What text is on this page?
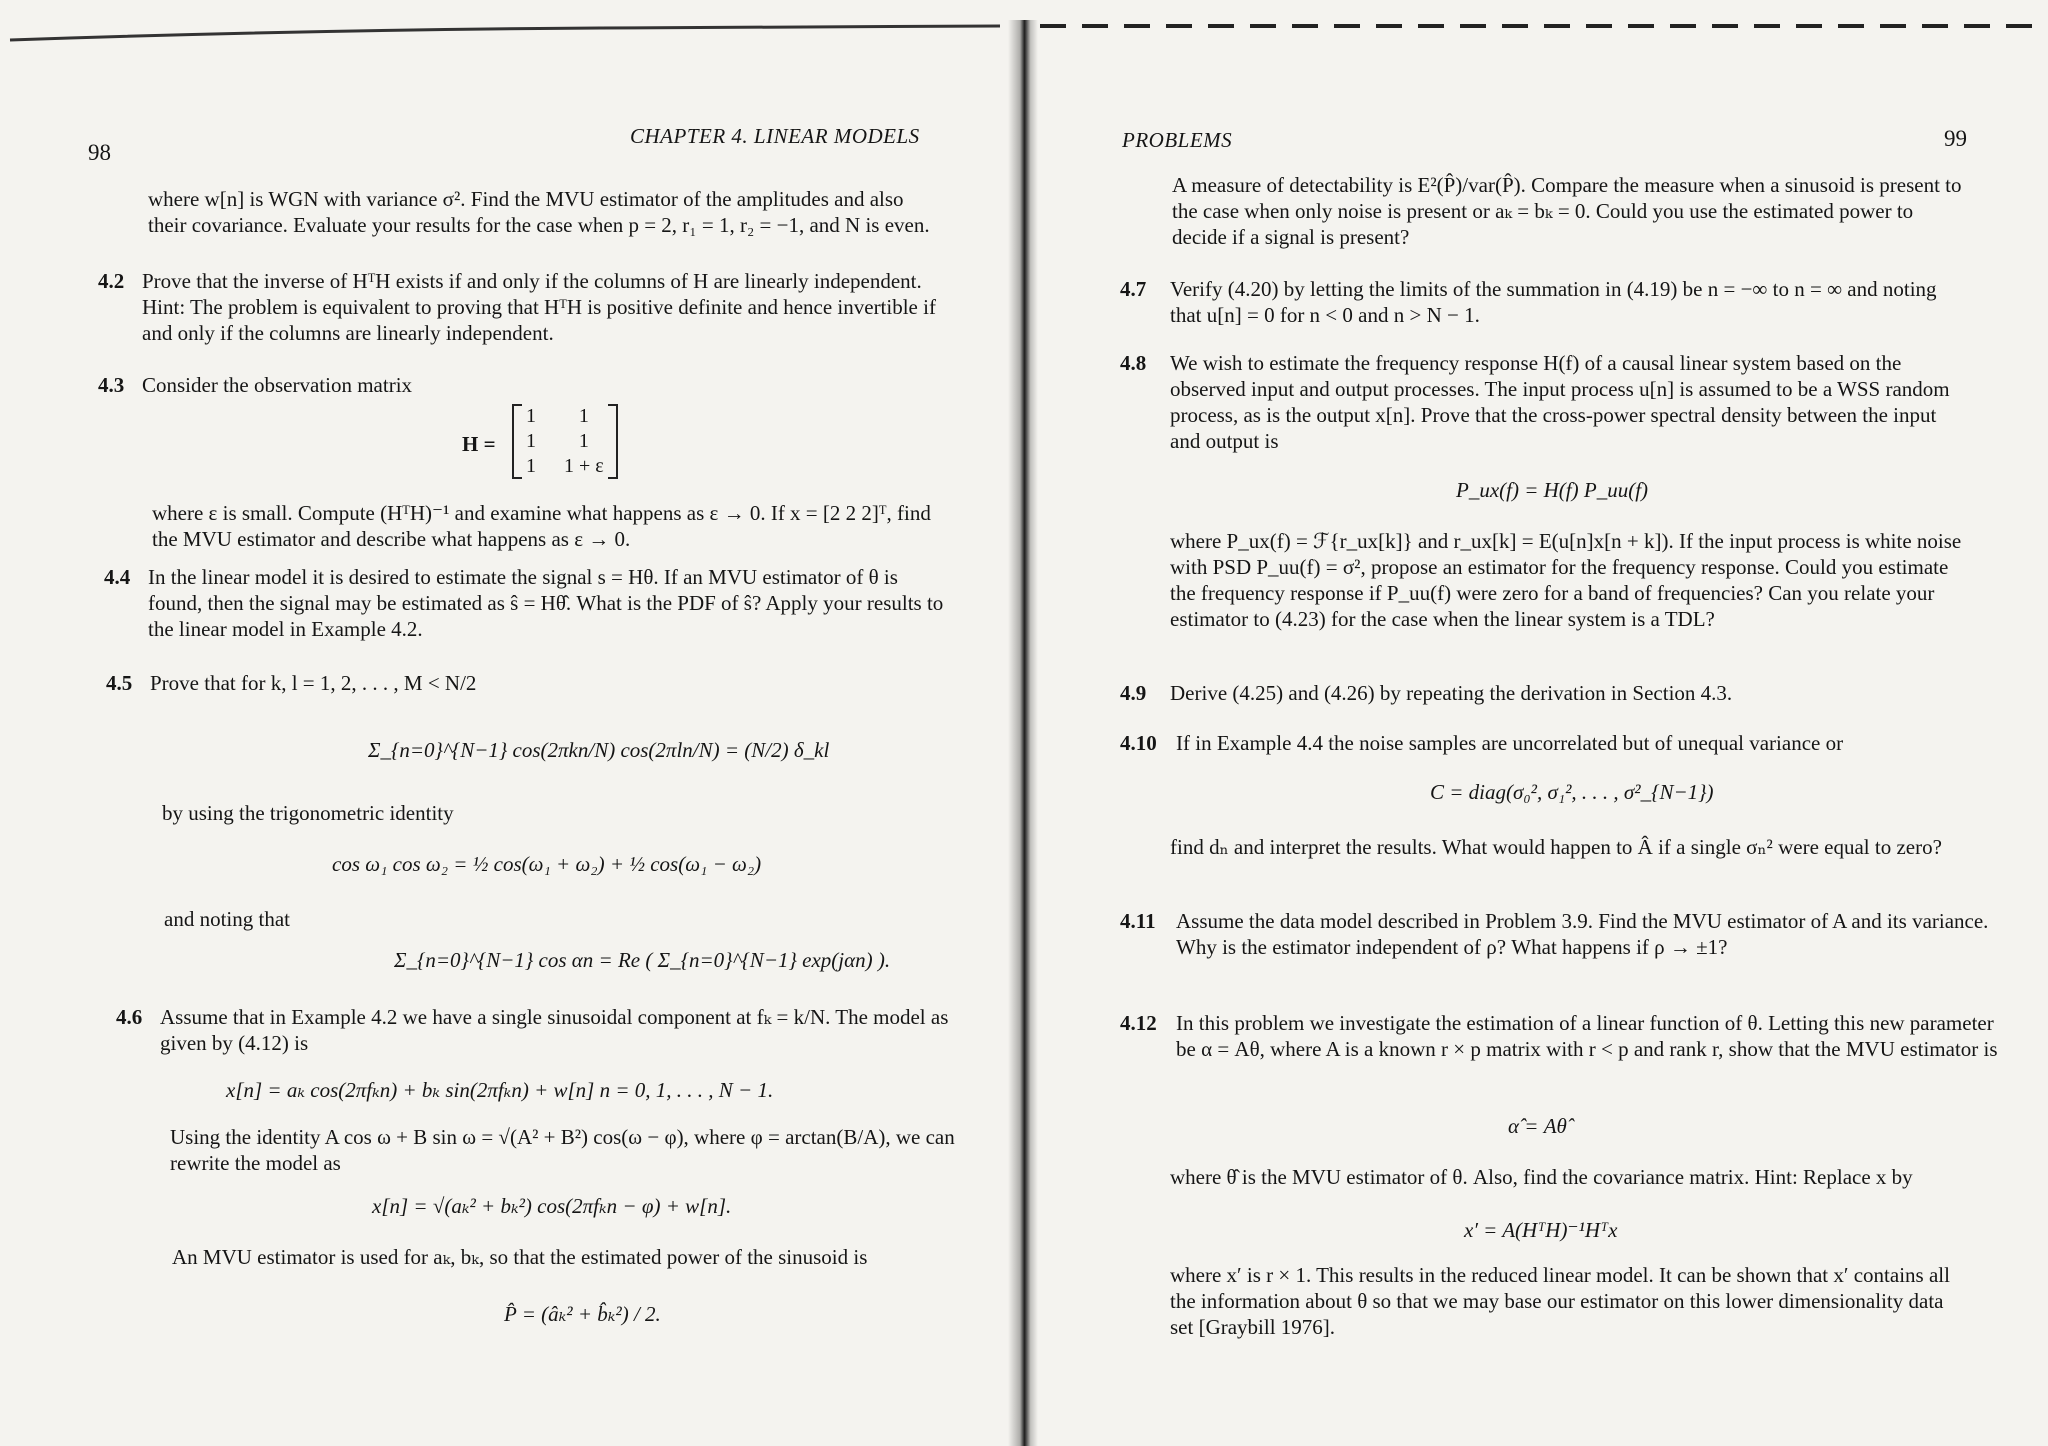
98
CHAPTER 4. LINEAR MODELS
where w[n] is WGN with variance σ². Find the MVU estimator of the amplitudes and also their covariance. Evaluate your results for the case when p = 2, r₁ = 1, r₂ = −1, and N is even.
4.2 Prove that the inverse of HᵀH exists if and only if the columns of H are linearly independent. Hint: The problem is equivalent to proving that HᵀH is positive definite and hence invertible if and only if the columns are linearly independent.
4.3 Consider the observation matrix
H =
1	1
1	1
1	1 + ε
where ε is small. Compute (HᵀH)⁻¹ and examine what happens as ε → 0. If x = [2 2 2]ᵀ, find the MVU estimator and describe what happens as ε → 0.
4.4 In the linear model it is desired to estimate the signal s = Hθ. If an MVU estimator of θ is found, then the signal may be estimated as ŝ = Hθ̂. What is the PDF of ŝ? Apply your results to the linear model in Example 4.2.
4.5 Prove that for k, l = 1, 2, . . . , M < N/2
Σ_{n=0}^{N−1} cos(2πkn/N) cos(2πln/N) = (N/2) δ_kl
by using the trigonometric identity
cos ω₁ cos ω₂ = ½ cos(ω₁ + ω₂) + ½ cos(ω₁ − ω₂)
and noting that
Σ_{n=0}^{N−1} cos αn = Re ( Σ_{n=0}^{N−1} exp(jαn) ).
4.6 Assume that in Example 4.2 we have a single sinusoidal component at fₖ = k/N. The model as given by (4.12) is
x[n] = aₖ cos(2πfₖn) + bₖ sin(2πfₖn) + w[n] n = 0, 1, . . . , N − 1.
Using the identity A cos ω + B sin ω = √(A² + B²) cos(ω − φ), where φ = arctan(B/A), we can rewrite the model as
x[n] = √(aₖ² + bₖ²) cos(2πfₖn − φ) + w[n].
An MVU estimator is used for aₖ, bₖ, so that the estimated power of the sinusoid is
P̂ = (âₖ² + b̂ₖ²) / 2.
PROBLEMS	99
A measure of detectability is E²(P̂)/var(P̂). Compare the measure when a sinusoid is present to the case when only noise is present or aₖ = bₖ = 0. Could you use the estimated power to decide if a signal is present?
4.7 Verify (4.20) by letting the limits of the summation in (4.19) be n = −∞ to n = ∞ and noting that u[n] = 0 for n < 0 and n > N − 1.
4.8 We wish to estimate the frequency response H(f) of a causal linear system based on the observed input and output processes. The input process u[n] is assumed to be a WSS random process, as is the output x[n]. Prove that the cross-power spectral density between the input and output is
P_ux(f) = H(f) P_uu(f)
where P_ux(f) = ℱ{r_ux[k]} and r_ux[k] = E(u[n]x[n + k]). If the input process is white noise with PSD P_uu(f) = σ², propose an estimator for the frequency response. Could you estimate the frequency response if P_uu(f) were zero for a band of frequencies? Can you relate your estimator to (4.23) for the case when the linear system is a TDL?
4.9 Derive (4.25) and (4.26) by repeating the derivation in Section 4.3.
4.10 If in Example 4.4 the noise samples are uncorrelated but of unequal variance or
C = diag(σ₀², σ₁², . . . , σ²_{N−1})
find dₙ and interpret the results. What would happen to Â if a single σₙ² were equal to zero?
4.11 Assume the data model described in Problem 3.9. Find the MVU estimator of A and its variance. Why is the estimator independent of ρ? What happens if ρ → ±1?
4.12 In this problem we investigate the estimation of a linear function of θ. Letting this new parameter be α = Aθ, where A is a known r × p matrix with r < p and rank r, show that the MVU estimator is
α̂ = Aθ̂
where θ̂ is the MVU estimator of θ. Also, find the covariance matrix. Hint: Replace x by
x′ = A(HᵀH)⁻¹Hᵀx
where x′ is r × 1. This results in the reduced linear model. It can be shown that x′ contains all the information about θ so that we may base our estimator on this lower dimensionality data set [Graybill 1976].
